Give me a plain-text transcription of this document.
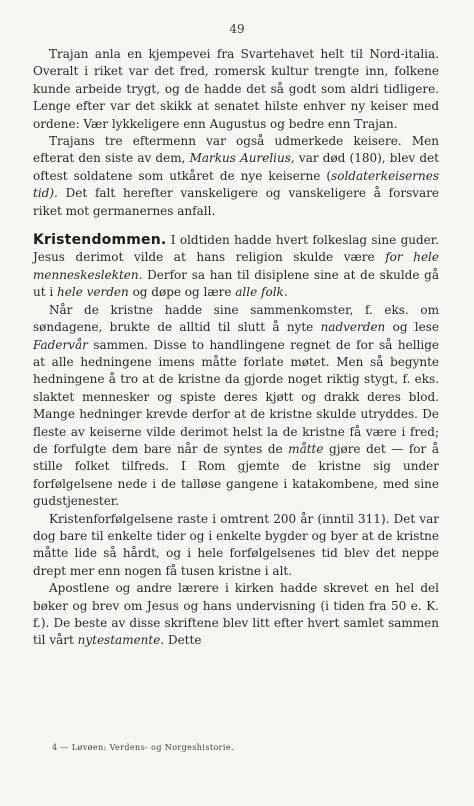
49

Trajan anla en kjempevei fra Svartehavet helt til Nord-italia. Overalt i riket var det fred, romersk kultur trengte inn, folkene kunde arbeide trygt, og de hadde det så godt som aldri tidligere. Lenge efter var det skikk at senatet hilste enhver ny keiser med ordene: Vær lykkeligere enn Augustus og bedre enn Trajan.

Trajans tre eftermenn var også udmerkede keisere. Men efterat den siste av dem, Markus Aurelius, var død (180), blev det oftest soldatene som utkåret de nye keiserne (soldaterkeisernes tid). Det falt herefter vanskeligere og vanskeligere å forsvare riket mot germanernes anfall.

Kristendommen. I oldtiden hadde hvert folkeslag sine guder. Jesus derimot vilde at hans religion skulde være for hele menneskeslekten. Derfor sa han til disiplene sine at de skulde gå ut i hele verden og døpe og lære alle folk.

Når de kristne hadde sine sammenkomster, f. eks. om søndagene, brukte de alltid til slutt å nyte nadverden og lese Fadervår sammen. Disse to handlingene regnet de for så hellige at alle hedningene imens måtte forlate møtet. Men så begynte hedningene å tro at de kristne da gjorde noget riktig stygt, f. eks. slaktet mennesker og spiste deres kjøtt og drakk deres blod. Mange hedninger krevde derfor at de kristne skulde utryddes. De fleste av keiserne vilde derimot helst la de kristne få være i fred; de forfulgte dem bare når de syntes de måtte gjøre det — for å stille folket tilfreds. I Rom gjemte de kristne sig under forfølgelsene nede i de talløse gangene i katakombene, med sine gudstjenester.

Kristenforfølgelsene raste i omtrent 200 år (inntil 311). Det var dog bare til enkelte tider og i enkelte bygder og byer at de kristne måtte lide så hårdt, og i hele forfølgelsenes tid blev det neppe drept mer enn nogen få tusen kristne i alt.

Apostlene og andre lærere i kirken hadde skrevet en hel del bøker og brev om Jesus og hans undervisning (i tiden fra 50 e. K. f.). De beste av disse skriftene blev litt efter hvert samlet sammen til vårt nytestamente. Dette

4 — Løvøen: Verdens- og Norgeshistorie.
